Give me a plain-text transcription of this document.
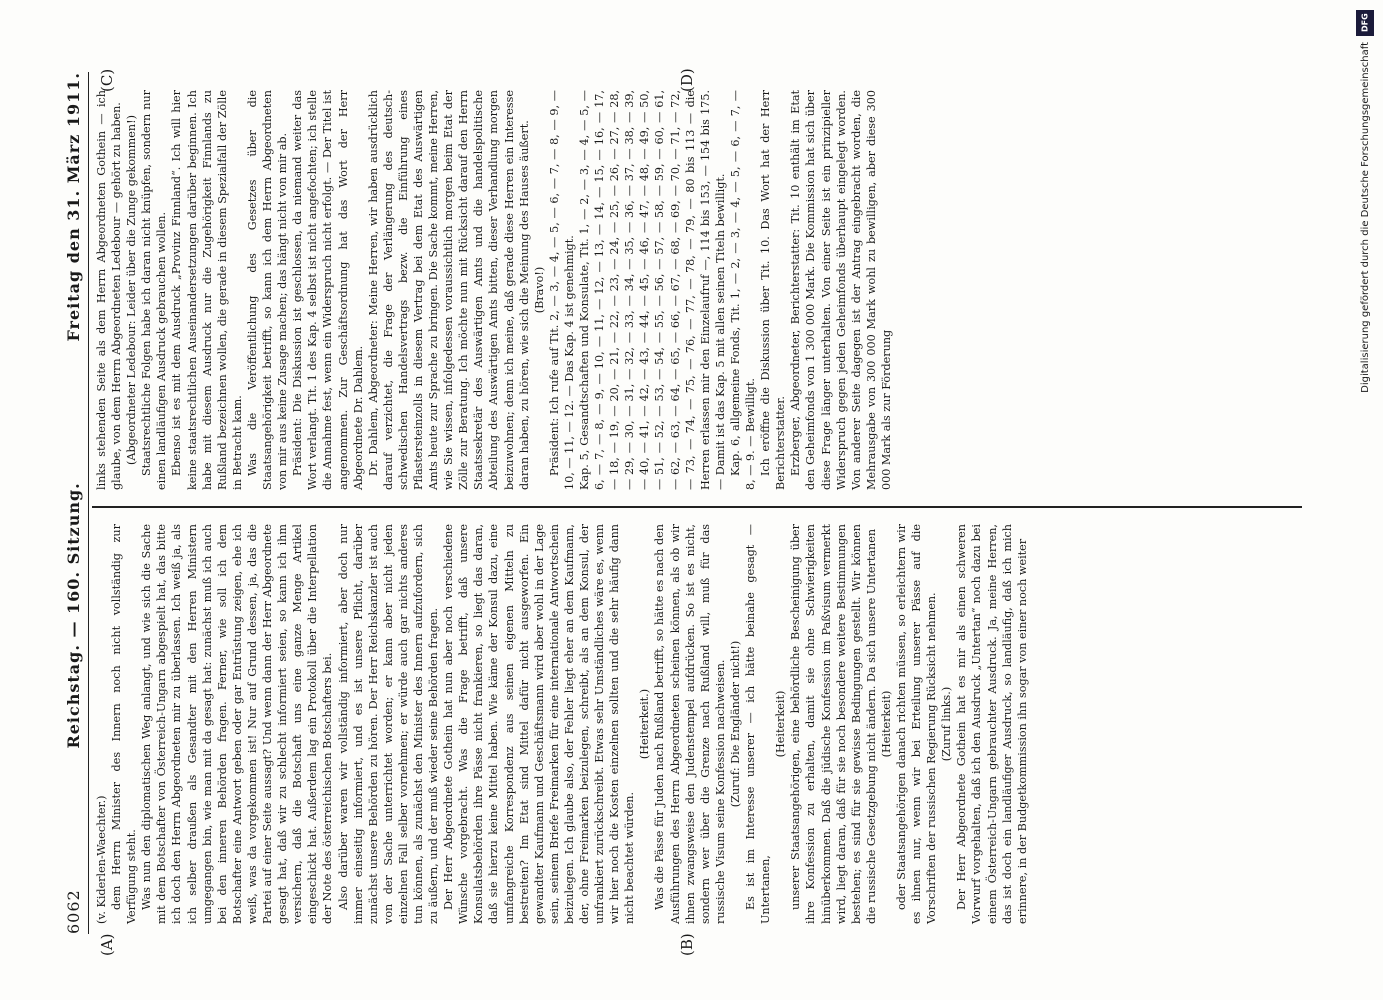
DFG
Digitalisierung gefördert durch die Deutsche Forschungsgemeinschaft
6062
Reichstag. — 160. Sitzung.
Freitag den 31. März 1911.

(v. Kiderlen-Waechter.) dem Herrn Minister des Innern noch nicht vollständig zur Verfügung steht. Was nun den diplomatischen Weg anlangt, und wie sich die Sache mit dem Botschafter von Österreich-Ungarn abgespielt hat, das bitte ich doch den Herrn Abgeordneten mir zu überlassen. Ich weiß ja, als ich selber draußen als Gesandter mit den Herren Ministern umgegangen bin, wie man mit da gesagt hat: zunächst muß ich auch bei den inneren Behörden fragen. Ferner, wie soll ich dem Botschafter eine Antwort geben oder gar Entrüstung zeigen, ehe ich weiß, was da vorgekommen ist! Nur auf Grund dessen, ja, das die Partei auf einer Seite aussagt? Und wenn dann der Herr Abgeordnete gesagt hat, daß wir zu schlecht informiert seien, so kann ich ihm versichern, daß die Botschaft uns eine ganze Menge Artikel eingeschickt hat. Außerdem lag ein Protokoll über die Interpellation der Note des österreichischen Botschafters bei. Also darüber waren wir vollständig informiert, aber doch nur immer einseitig informiert, und es ist unsere Pflicht, darüber zunächst unsere Behörden zu hören. Der Herr Reichskanzler ist auch von der Sache unterrichtet worden; er kann aber nicht jeden einzelnen Fall selber vornehmen; er würde auch gar nichts anderes tun können, als zunächst den Minister des Innern aufzufordern, sich zu äußern, und der muß wieder seine Behörden fragen. Der Herr Abgeordnete Gothein hat nun aber noch verschiedene Wünsche vorgebracht. Was die Frage betrifft, daß unsere Konsulatsbehörden ihre Pässe nicht frankieren, so liegt das daran, daß sie hierzu keine Mittel haben. Wie käme der Konsul dazu, eine umfangreiche Korrespondenz aus seinen eigenen Mitteln zu bestreiten? Im Etat sind Mittel dafür nicht ausgeworfen. Ein gewandter Kaufmann und Geschäftsmann wird aber wohl in der Lage sein, seinem Briefe Freimarken für eine internationale Antwortschein beizulegen. Ich glaube also, der Fehler liegt eher an dem Kaufmann, der, ohne Freimarken beizulegen, schreibt, als an dem Konsul, der unfrankiert zurückschreibt. Etwas sehr Umständliches wäre es, wenn wir hier noch die Kosten einzelnen sollten und die sehr häufig dann nicht beachtet würden.

(Heiterkeit.) Was die Pässe für Juden nach Rußland betrifft, so hätte es nach den Ausführungen des Herrn Abgeordneten scheinen können, als ob wir ihnen zwangsweise den Judenstempel aufdrücken. So ist es nicht, sondern wer über die Grenze nach Rußland will, muß für das russische Visum seine Konfession nachweisen. (Zuruf: Die Engländer nicht!) Es ist im Interesse unserer — ich hätte beinahe gesagt — Untertanen,

(Heiterkeit) unserer Staatsangehörigen, eine behördliche Bescheinigung über ihre Konfession zu erhalten, damit sie ohne Schwierigkeiten hinüberkommen. Daß die jüdische Konfession im Paßvisum vermerkt wird, liegt daran, daß für sie noch besondere weitere Bestimmungen bestehen; es sind für sie gewisse Bedingungen gestellt. Wir können die russische Gesetzgebung nicht ändern. Da sich unsere Untertanen (Heiterkeit) oder Staatsangehörigen danach richten müssen, so erleichtern wir es ihnen nur, wenn wir bei Erteilung unserer Pässe auf die Vorschriften der russischen Regierung Rücksicht nehmen. (Zuruf links.) Der Herr Abgeordnete Gothein hat es mir als einen schweren Vorwurf vorgehalten, daß ich den Ausdruck „Untertan“ noch dazu bei einem Österreich-Ungarn gebrauchter Ausdruck. Ja, meine Herren, das ist doch ein landläufiger Ausdruck, so landläufig, daß ich mich erinnere, in der Budgetkommission ihn sogar von einer noch weiter

links stehenden Seite als dem Herrn Abgeordneten Gothein — ich glaube, von dem Herrn Abgeordneten Ledebour — gehört zu haben. (Abgeordneter Ledebour: Leider über die Zunge gekommen!) Staatsrechtliche Folgen habe ich daran nicht knüpfen, sondern nur einen landläufigen Ausdruck gebrauchen wollen. Ebenso ist es mit dem Ausdruck „Provinz Finnland“. Ich will hier keine staatsrechtlichen Auseinandersetzungen darüber beginnen. Ich habe mit diesem Ausdruck nur die Zugehörigkeit Finnlands zu Rußland bezeichnen wollen, die gerade in diesem Spezialfall der Zölle in Betracht kam. Was die Veröffentlichung des Gesetzes über die Staatsangehörigkeit betrifft, so kann ich dem Herrn Abgeordneten von mir aus keine Zusage machen; das hängt nicht von mir ab. Präsident: Die Diskussion ist geschlossen, da niemand weiter das Wort verlangt. Tit. 1 des Kap. 4 selbst ist nicht angefochten; ich stelle die Annahme fest, wenn ein Widerspruch nicht erfolgt. — Der Titel ist angenommen. Zur Geschäftsordnung hat das Wort der Herr Abgeordnete Dr. Dahlem. Dr. Dahlem, Abgeordneter: Meine Herren, wir haben ausdrücklich darauf verzichtet, die Frage der Verlängerung des deutsch-schwedischen Handelsvertrags bezw. die Einführung eines Pflastersteinzolls in diesem Vertrag bei dem Etat des Auswärtigen Amts heute zur Sprache zu bringen. Die Sache kommt, meine Herren, wie Sie wissen, infolgedessen voraussichtlich morgen beim Etat der Zölle zur Beratung. Ich möchte nun mit Rücksicht darauf den Herrn Staatssekretär des Auswärtigen Amts und die handelspolitische Abteilung des Auswärtigen Amts bitten, dieser Verhandlung morgen beizuwohnen; denn ich meine, daß gerade diese Herren ein Interesse daran haben, zu hören, wie sich die Meinung des Hauses äußert. (Bravo!) Präsident: Ich rufe auf Tit. 2, — 3, — 4, — 5, — 6, — 7, — 8, — 9, — 10, — 11, — 12. — Das Kap. 4 ist genehmigt. Kap. 5, Gesandtschaften und Konsulate, Tit. 1, — 2, — 3, — 4, — 5, — 6, — 7, — 8, — 9, — 10, — 11, — 12, — 13, — 14, — 15, — 16, — 17, — 18, — 19, — 20, — 21, — 22, — 23, — 24, — 25, — 26, — 27, — 28, — 29, — 30, — 31, — 32, — 33, — 34, — 35, — 36, — 37, — 38, — 39, — 40, — 41, — 42, — 43, — 44, — 45, — 46, — 47, — 48, — 49, — 50, — 51, — 52, — 53, — 54, — 55, — 56, — 57, — 58, — 59, — 60, — 61, — 62, — 63, — 64, — 65, — 66, — 67, — 68, — 69, — 70, — 71, — 72, — 73, — 74, — 75, — 76, — 77, — 78, — 79, — 80 bis 113 — die Herren erlassen mir den Einzelaufruf —, 114 bis 153, — 154 bis 175. — Damit ist das Kap. 5 mit allen seinen Titeln bewilligt. Kap. 6, allgemeine Fonds, Tit. 1, — 2, — 3, — 4, — 5, — 6, — 7, — 8, — 9. — Bewilligt. Ich eröffne die Diskussion über Tit. 10. Das Wort hat der Herr Berichterstatter. Erzberger, Abgeordneter, Berichterstatter: Tit. 10 enthält im Etat den Geheimfonds von 1 300 000 Mark. Die Kommission hat sich über diese Frage länger unterhalten. Von einer Seite ist ein prinzipieller Widerspruch gegen jeden Geheimfonds überhaupt eingelegt worden. Von anderer Seite dagegen ist der Antrag eingebracht worden, die Mehrausgabe von 300 000 Mark wohl zu bewilligen, aber diese 300 000 Mark als zur Förderung

(A)	(B)
(C)	(D)
